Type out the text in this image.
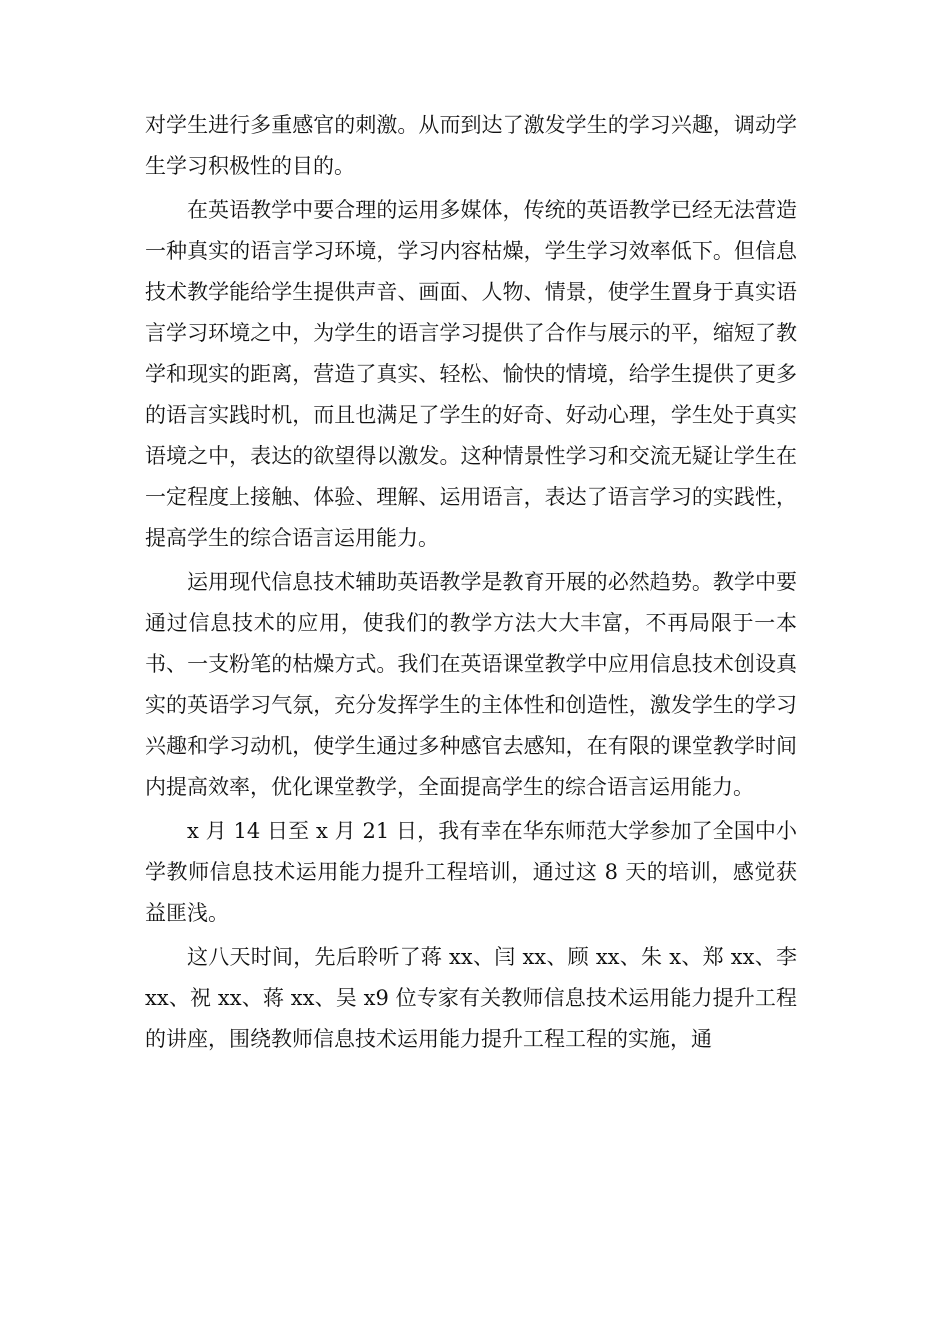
对学生进行多重感官的刺激。从而到达了激发学生的学习兴趣，调动学生学习积极性的目的。

在英语教学中要合理的运用多媒体，传统的英语教学已经无法营造一种真实的语言学习环境，学习内容枯燥，学生学习效率低下。但信息技术教学能给学生提供声音、画面、人物、情景，使学生置身于真实语言学习环境之中，为学生的语言学习提供了合作与展示的平，缩短了教学和现实的距离，营造了真实、轻松、愉快的情境，给学生提供了更多的语言实践时机，而且也满足了学生的好奇、好动心理，学生处于真实语境之中，表达的欲望得以激发。这种情景性学习和交流无疑让学生在一定程度上接触、体验、理解、运用语言，表达了语言学习的实践性，提高学生的综合语言运用能力。

运用现代信息技术辅助英语教学是教育开展的必然趋势。教学中要通过信息技术的应用，使我们的教学方法大大丰富，不再局限于一本书、一支粉笔的枯燥方式。我们在英语课堂教学中应用信息技术创设真实的英语学习气氛，充分发挥学生的主体性和创造性，激发学生的学习兴趣和学习动机，使学生通过多种感官去感知，在有限的课堂教学时间内提高效率，优化课堂教学，全面提高学生的综合语言运用能力。

x 月 14 日至 x 月 21 日，我有幸在华东师范大学参加了全国中小学教师信息技术运用能力提升工程培训，通过这 8 天的培训，感觉获益匪浅。

这八天时间，先后聆听了蒋 xx、闫 xx、顾 xx、朱 x、郑 xx、李 xx、祝 xx、蒋 xx、吴 x9 位专家有关教师信息技术运用能力提升工程的讲座，围绕教师信息技术运用能力提升工程工程的实施，通
